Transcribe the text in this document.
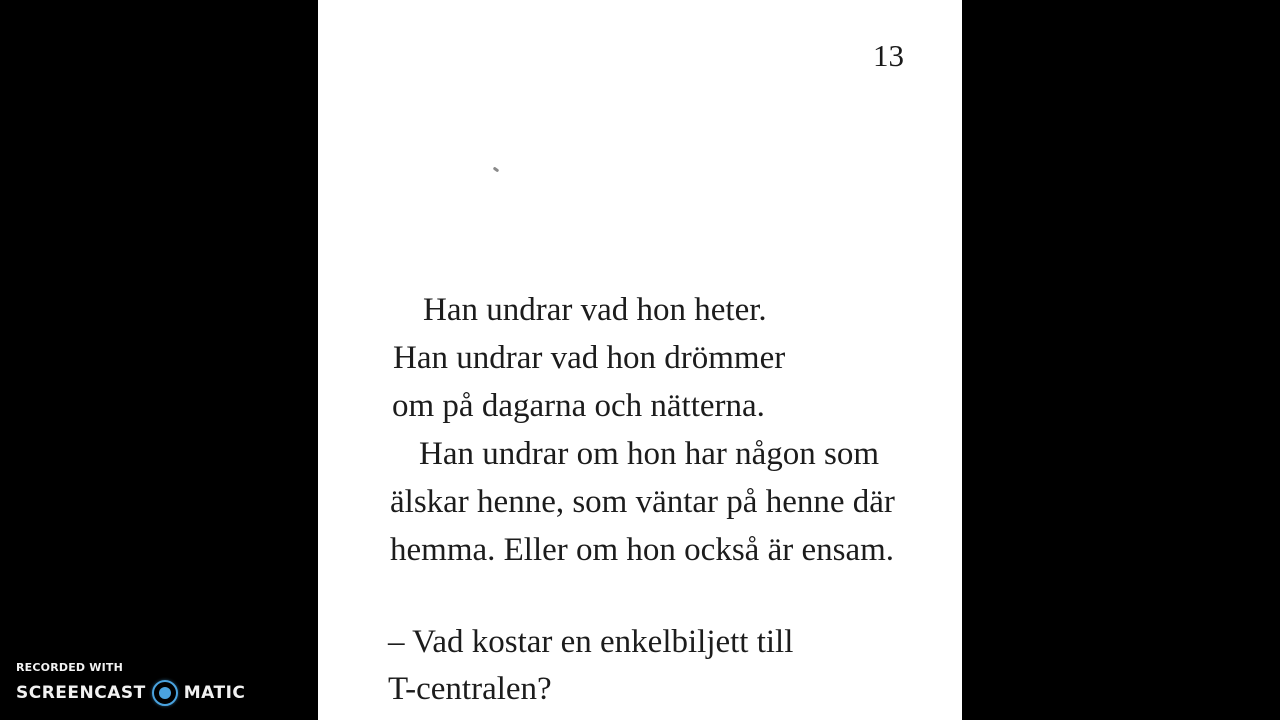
13
Han undrar vad hon heter.
Han undrar vad hon drömmer
om på dagarna och nätterna.
Han undrar om hon har någon som
älskar henne, som väntar på henne där
hemma. Eller om hon också är ensam.
– Vad kostar en enkelbiljett till
T-centralen?
RECORDED WITH
SCREENCAST MATIC
